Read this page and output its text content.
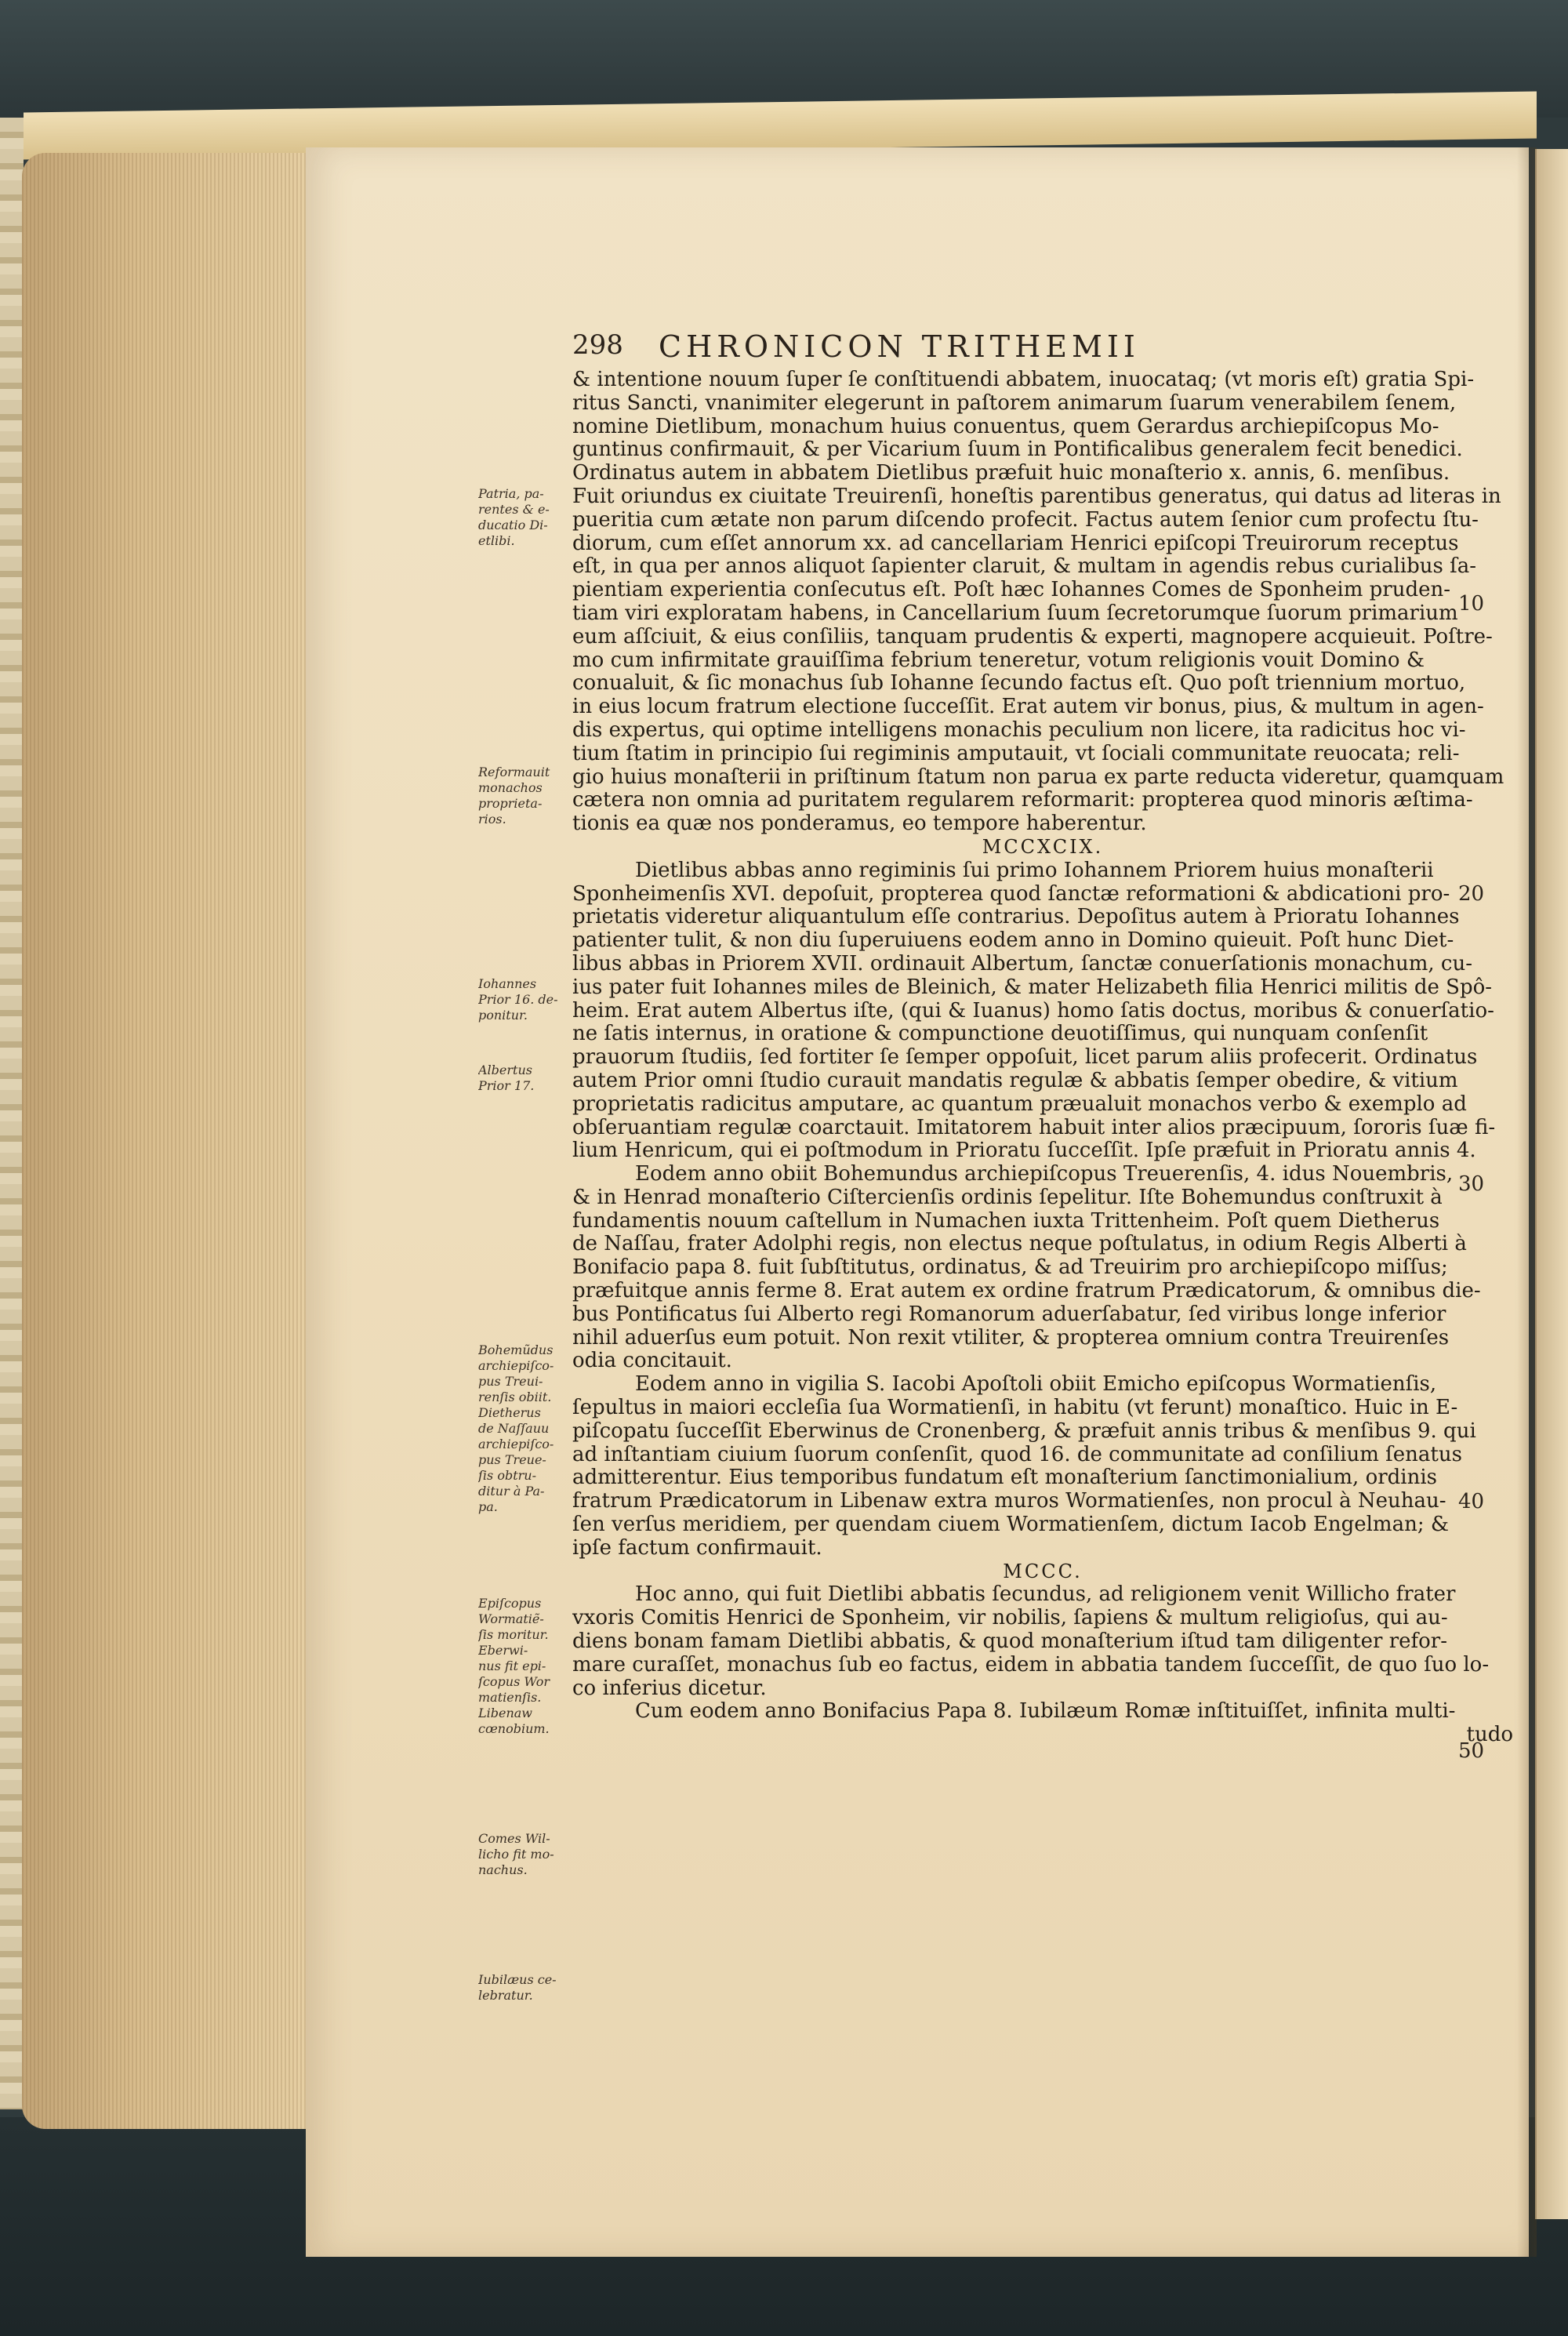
298 CHRONICON TRITHEMII
& intentione nouum ſuper ſe conſtituendi abbatem, inuocataq; (vt moris eſt) gratia Spi-
ritus Sancti, vnanimiter elegerunt in paſtorem animarum ſuarum venerabilem ſenem,
nomine Dietlibum, monachum huius conuentus, quem Gerardus archiepiſcopus Mo-
guntinus confirmauit, & per Vicarium ſuum in Pontificalibus generalem fecit benedici.
Ordinatus autem in abbatem Dietlibus præfuit huic monaſterio x. annis, 6. menſibus.
Fuit oriundus ex ciuitate Treuirenſi, honeſtis parentibus generatus, qui datus ad literas in
pueritia cum ætate non parum diſcendo profecit. Factus autem ſenior cum profectu ſtu-
diorum, cum eſſet annorum xx. ad cancellariam Henrici epiſcopi Treuirorum receptus
eſt, in qua per annos aliquot ſapienter claruit, & multam in agendis rebus curialibus ſa-
pientiam experientia conſecutus eſt. Poſt hæc Iohannes Comes de Sponheim pruden-
tiam viri exploratam habens, in Cancellarium ſuum ſecretorumque ſuorum primarium
eum aſſciuit, & eius conſiliis, tanquam prudentis & experti, magnopere acquieuit. Poſtre-
mo cum infirmitate grauiſſima febrium teneretur, votum religionis vouit Domino &
conualuit, & ſic monachus ſub Iohanne ſecundo factus eſt. Quo poſt triennium mortuo,
in eius locum fratrum electione ſucceſſit. Erat autem vir bonus, pius, & multum in agen-
dis expertus, qui optime intelligens monachis peculium non licere, ita radicitus hoc vi-
tium ſtatim in principio ſui regiminis amputauit, vt ſociali communitate reuocata; reli-
gio huius monaſterii in priſtinum ſtatum non parua ex parte reducta videretur, quamquam
cætera non omnia ad puritatem regularem reformarit: propterea quod minoris æſtima-
tionis ea quæ nos ponderamus, eo tempore haberentur.
MCCXCIX.
Dietlibus abbas anno regiminis ſui primo Iohannem Priorem huius monaſterii
Sponheimenſis XVI. depoſuit, propterea quod ſanctæ reformationi & abdicationi pro-
prietatis videretur aliquantulum eſſe contrarius. Depoſitus autem à Prioratu Iohannes
patienter tulit, & non diu ſuperuiuens eodem anno in Domino quieuit. Poſt hunc Diet-
libus abbas in Priorem XVII. ordinauit Albertum, ſanctæ conuerſationis monachum, cu-
ius pater fuit Iohannes miles de Bleinich, & mater Helizabeth filia Henrici militis de Spô-
heim. Erat autem Albertus iſte, (qui & Iuanus) homo ſatis doctus, moribus & conuerſatio-
ne ſatis internus, in oratione & compunctione deuotiſſimus, qui nunquam conſenſit
prauorum ſtudiis, ſed fortiter ſe ſemper oppoſuit, licet parum aliis profecerit. Ordinatus
autem Prior omni ſtudio curauit mandatis regulæ & abbatis ſemper obedire, & vitium
proprietatis radicitus amputare, ac quantum præualuit monachos verbo & exemplo ad
obſeruantiam regulæ coarctauit. Imitatorem habuit inter alios præcipuum, ſororis ſuæ fi-
lium Henricum, qui ei poſtmodum in Prioratu ſucceſſit. Ipſe præfuit in Prioratu annis 4.
Eodem anno obiit Bohemundus archiepiſcopus Treuerenſis, 4. idus Nouembris,
& in Henrad monaſterio Ciſtercienſis ordinis ſepelitur. Iſte Bohemundus conſtruxit à
fundamentis nouum caſtellum in Numachen iuxta Trittenheim. Poſt quem Dietherus
de Naſſau, frater Adolphi regis, non electus neque poſtulatus, in odium Regis Alberti à
Bonifacio papa 8. fuit ſubſtitutus, ordinatus, & ad Treuirim pro archiepiſcopo miſſus;
præfuitque annis ferme 8. Erat autem ex ordine fratrum Prædicatorum, & omnibus die-
bus Pontificatus ſui Alberto regi Romanorum aduerſabatur, ſed viribus longe inferior
nihil aduerſus eum potuit. Non rexit vtiliter, & propterea omnium contra Treuirenſes
odia concitauit.
Eodem anno in vigilia S. Iacobi Apoſtoli obiit Emicho epiſcopus Wormatienſis,
ſepultus in maiori eccleſia ſua Wormatienſi, in habitu (vt ferunt) monaſtico. Huic in E-
piſcopatu ſucceſſit Eberwinus de Cronenberg, & præfuit annis tribus & menſibus 9. qui
ad inſtantiam ciuium ſuorum conſenſit, quod 16. de communitate ad conſilium ſenatus
admitterentur. Eius temporibus fundatum eſt monaſterium ſanctimonialium, ordinis
fratrum Prædicatorum in Libenaw extra muros Wormatienſes, non procul à Neuhau-
ſen verſus meridiem, per quendam ciuem Wormatienſem, dictum Iacob Engelman; &
ipſe factum confirmauit.
MCCC.
Hoc anno, qui fuit Dietlibi abbatis ſecundus, ad religionem venit Willicho frater
vxoris Comitis Henrici de Sponheim, vir nobilis, ſapiens & multum religioſus, qui au-
diens bonam famam Dietlibi abbatis, & quod monaſterium iſtud tam diligenter refor-
mare curaſſet, monachus ſub eo factus, eidem in abbatia tandem ſucceſſit, de quo ſuo lo-
co inferius dicetur.
Cum eodem anno Bonifacius Papa 8. Iubilæum Romæ inſtituiſſet, infinita multi-
tudo
Patria, pa-
rentes & e-
ducatio Di-
etlibi.
Reformauit
monachos
proprieta-
rios.
Iohannes
Prior 16. de-
ponitur.
Albertus
Prior 17.
Bohemũdus
archiepiſco-
pus Treui-
renſis obiit.
Dietherus
de Naſſauu
archiepiſco-
pus Treue-
ſis obtru-
ditur à Pa-
pa.
Epiſcopus
Wormatiẽ-
ſis moritur.
Eberwi-
nus fit epi-
ſcopus Wor
matienſis.
Libenaw
cœnobium.
Comes Wil-
licho fit mo-
nachus.
Iubilæus ce-
lebratur.
10
20
30
40
50
